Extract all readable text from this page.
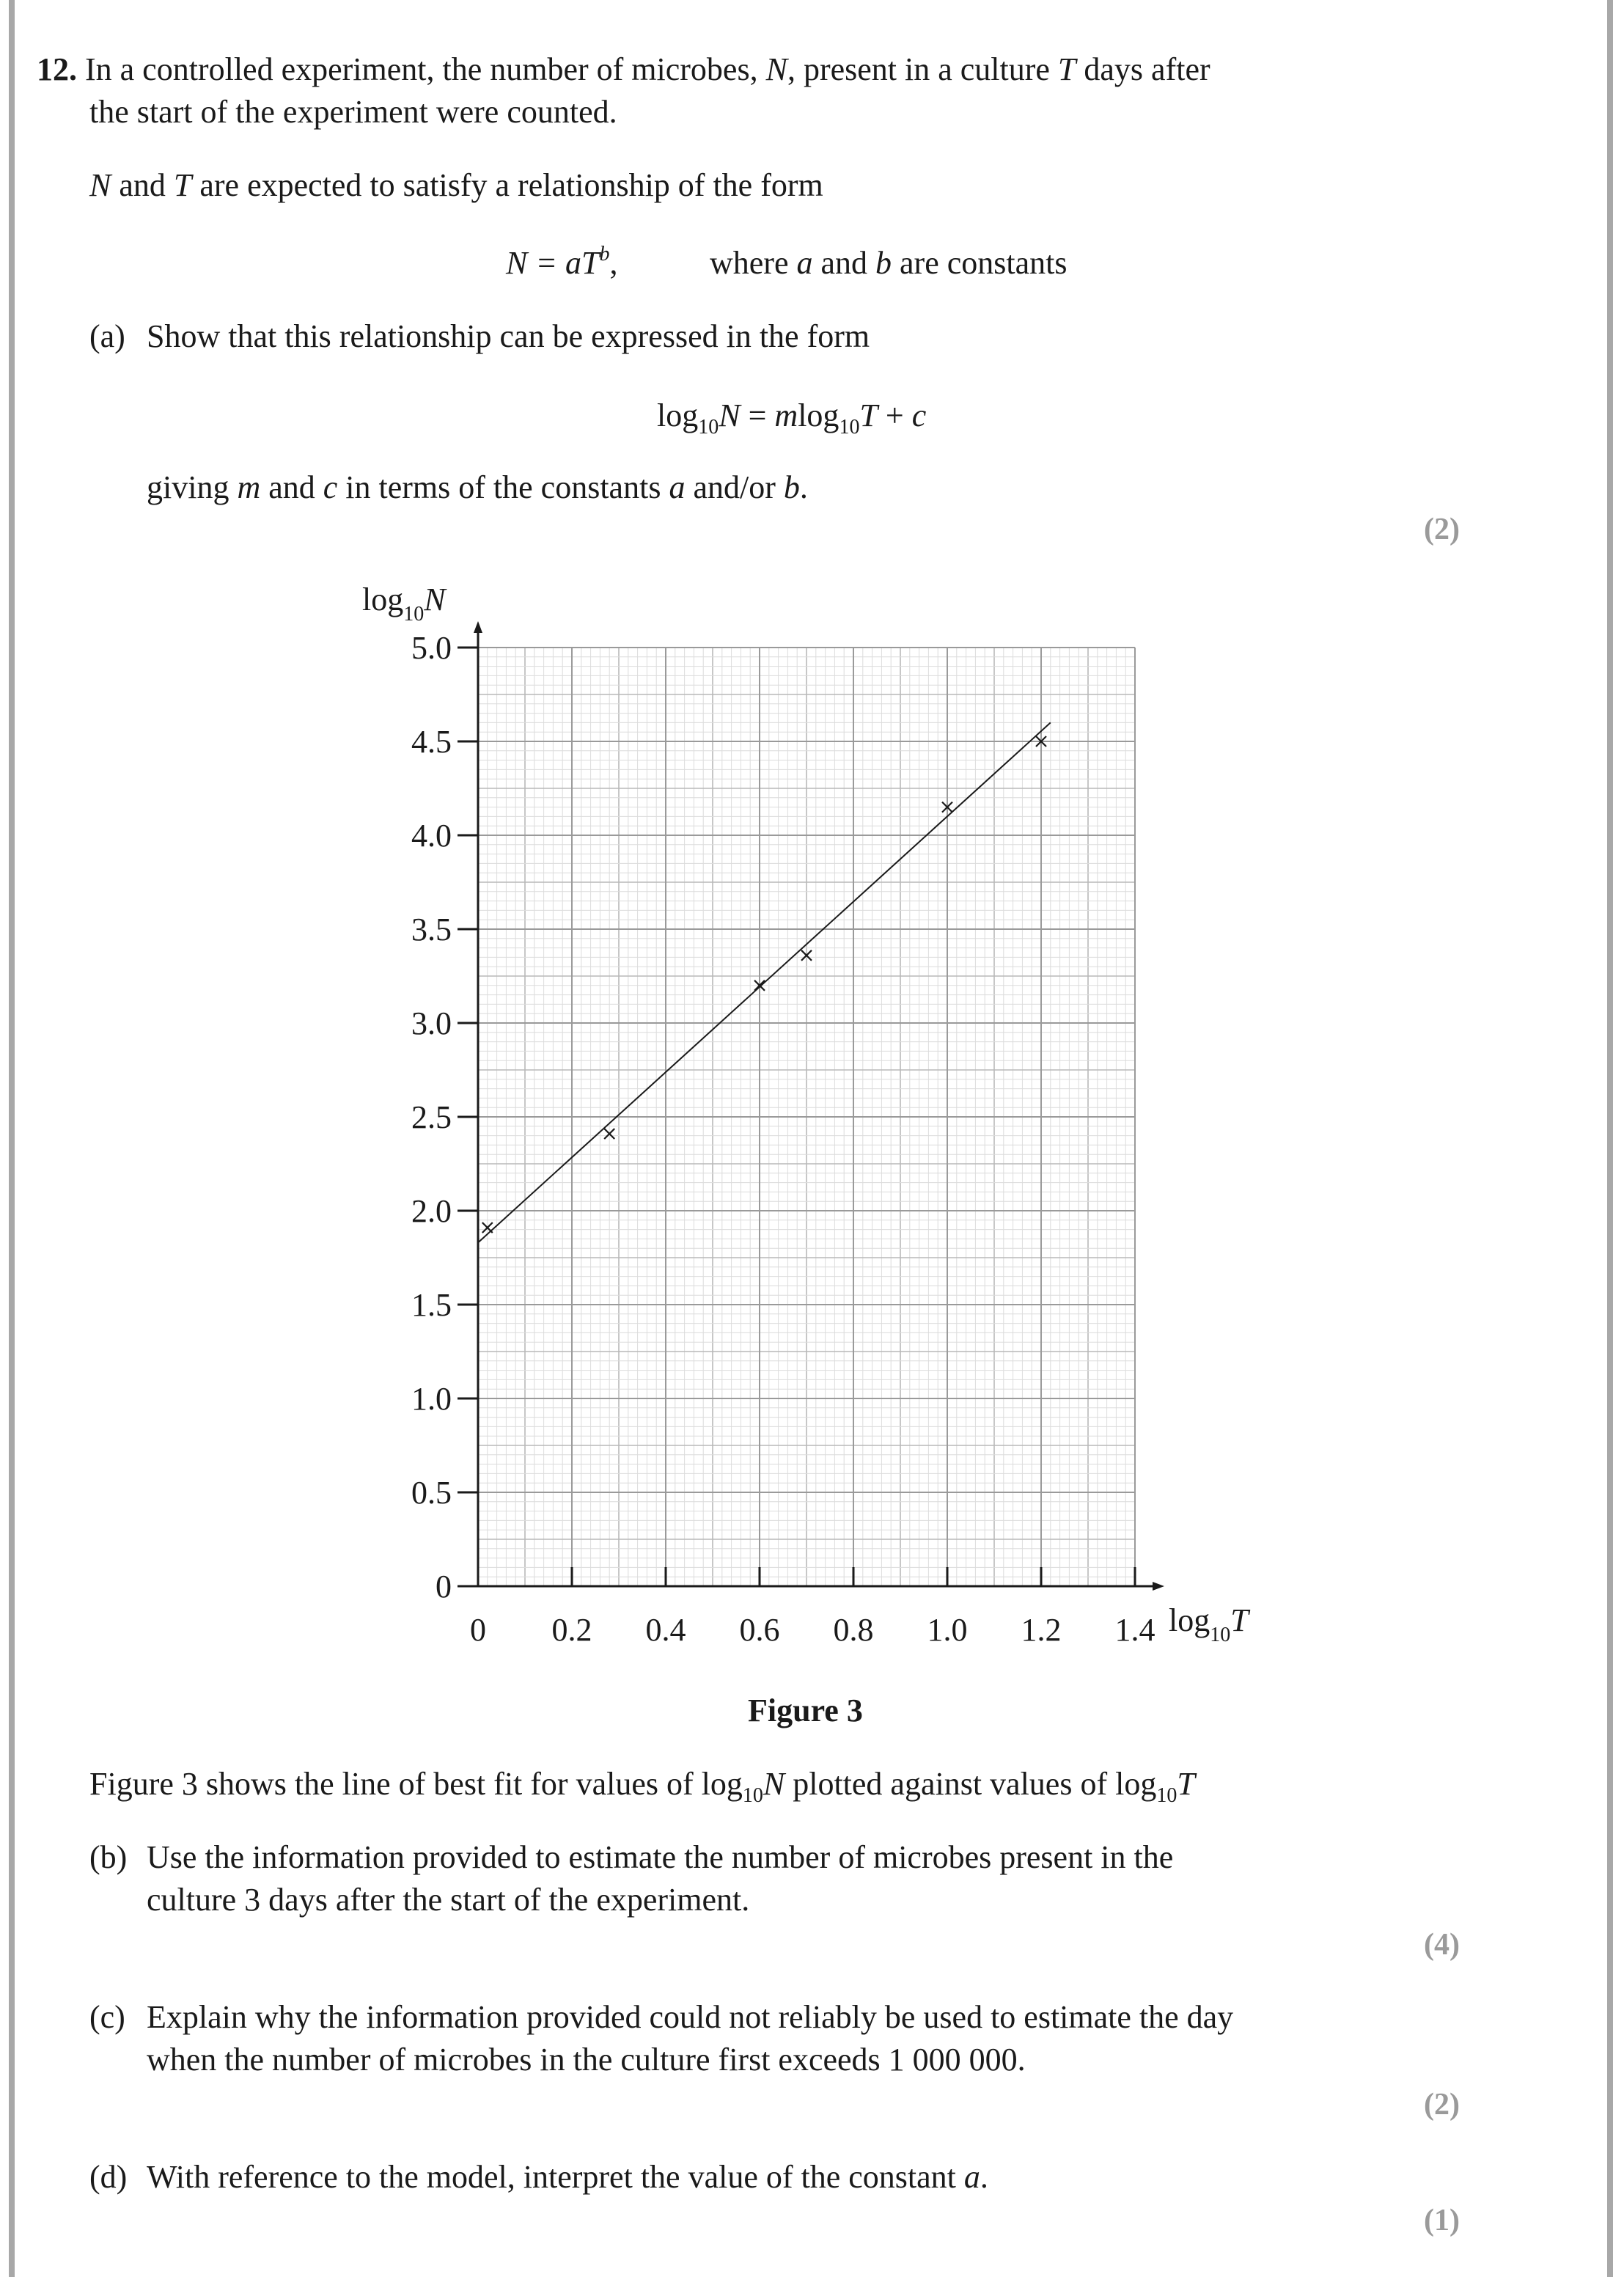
12. In a controlled experiment, the number of microbes, N, present in a culture T days after
the start of the experiment were counted.
N and T are expected to satisfy a relationship of the form
$N = aT^b$,	where a and b are constants
(a) Show that this relationship can be expressed in the form
$\log_{10}N = mlog_{10}T + c$
giving m and c in terms of the constants a and/or b.
(2)
0
0.5
1.0
1.5
2.0
2.5
3.0
3.5
4.0
4.5
5.0
0 0.2 0.4 0.6 0.8 1.0 1.2 1.4
$\log_{10}N$
$\log_{10}T$
Figure 3
Figure 3 shows the line of best fit for values of $\log_{10}N$ plotted against values of $\log_{10}T$
(b) Use the information provided to estimate the number of microbes present in the
culture 3 days after the start of the experiment.
(4)
(c) Explain why the information provided could not reliably be used to estimate the day
when the number of microbes in the culture first exceeds 1 000 000.
(2)
(d) With reference to the model, interpret the value of the constant a.
(1)
